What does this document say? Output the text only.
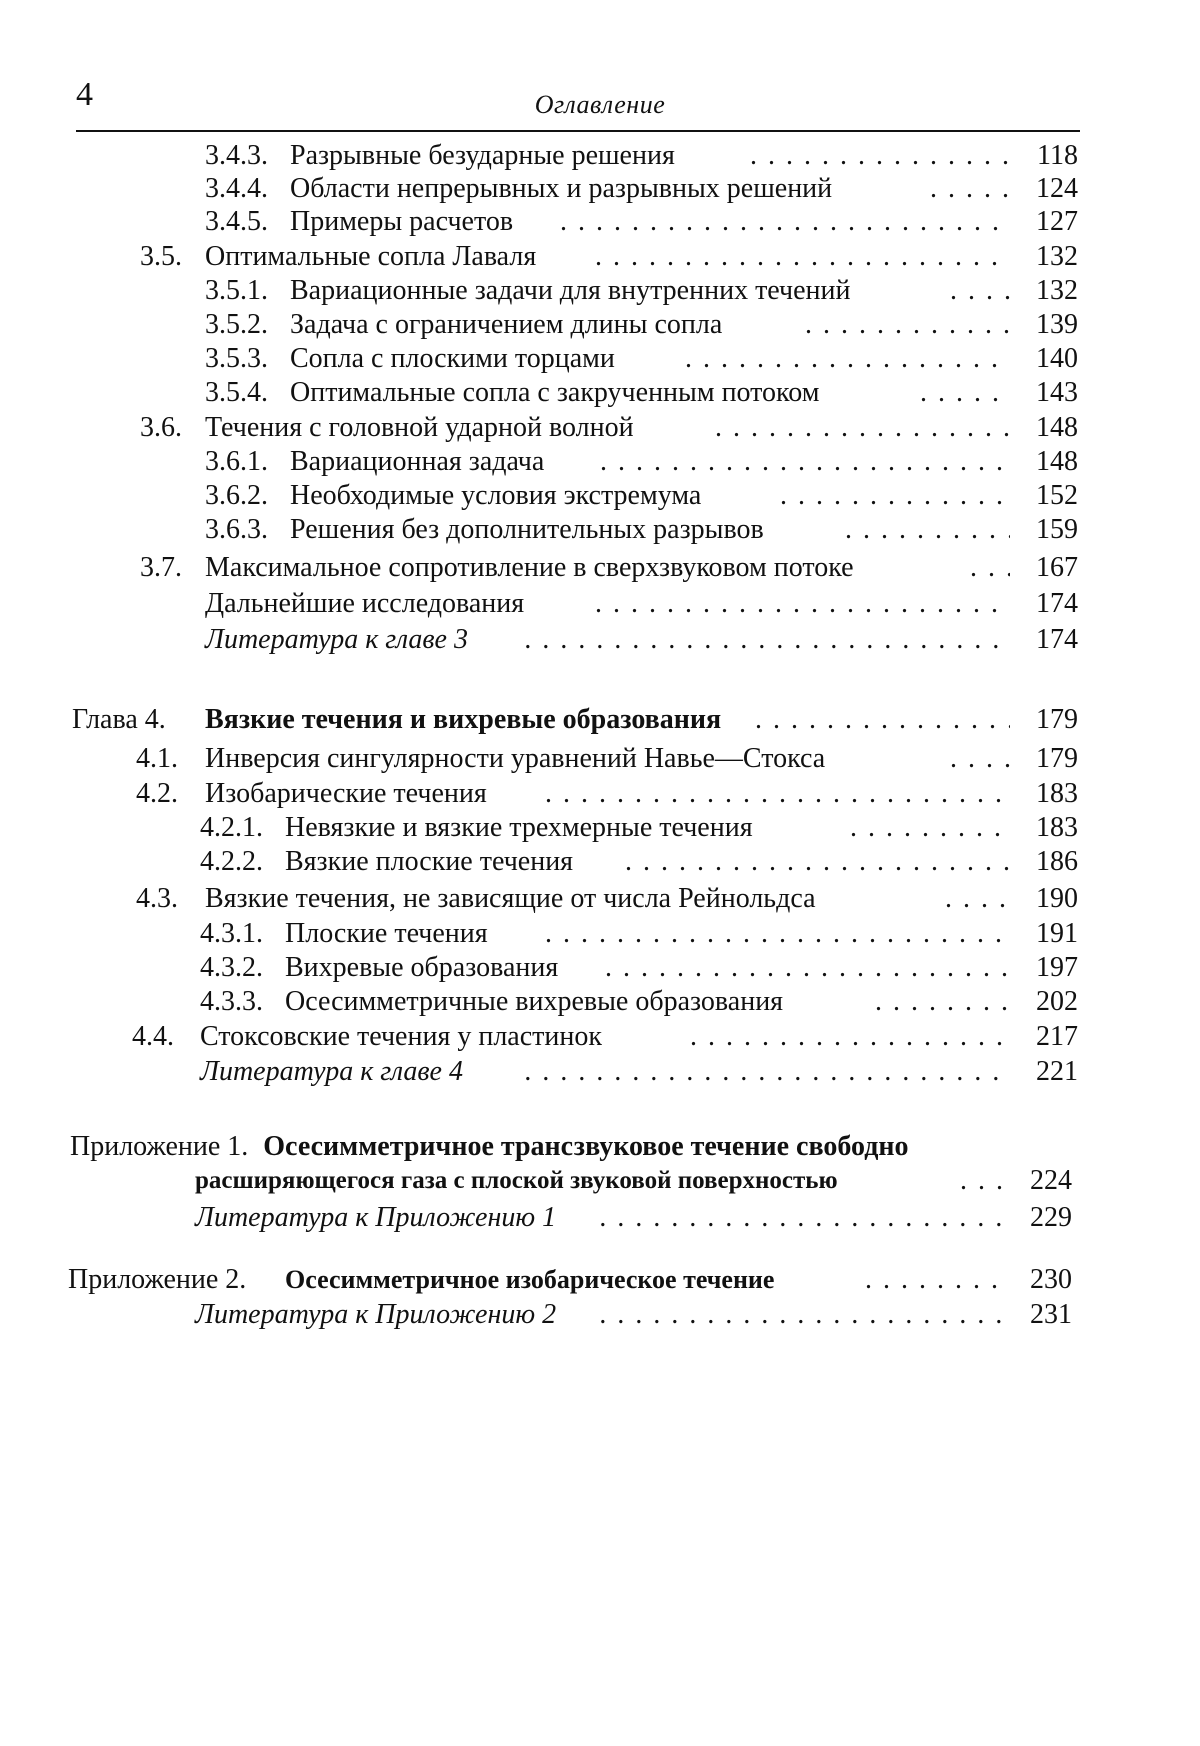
4	Оглавление
3.4.3. Разрывные безударные решения . . .	118
3.4.4. Области непрерывных и разрывных решений . . .	124
3.4.5. Примеры расчетов . . .	127
3.5. Оптимальные сопла Лаваля . . .	132
3.5.1. Вариационные задачи для внутренних течений . . .	132
3.5.2. Задача с ограничением длины сопла . . .	139
3.5.3. Сопла с плоскими торцами . . .	140
3.5.4. Оптимальные сопла с закрученным потоком . . .	143
3.6. Течения с головной ударной волной . . .	148
3.6.1. Вариационная задача . . .	148
3.6.2. Необходимые условия экстремума . . .	152
3.6.3. Решения без дополнительных разрывов . . .	159
3.7. Максимальное сопротивление в сверхзвуковом потоке . . .	167
Дальнейшие исследования . . .	174
Литература к главе 3 . . .	174
Глава 4. Вязкие течения и вихревые образования . . .	179
4.1. Инверсия сингулярности уравнений Навье—Стокса . . .	179
4.2. Изобарические течения . . .	183
4.2.1. Невязкие и вязкие трехмерные течения . . .	183
4.2.2. Вязкие плоские течения . . .	186
4.3. Вязкие течения, не зависящие от числа Рейнольдса . . .	190
4.3.1. Плоские течения . . .	191
4.3.2. Вихревые образования . . .	197
4.3.3. Осесимметричные вихревые образования . . .	202
4.4. Стоксовские течения у пластинок . . .	217
Литература к главе 4 . . .	221
Приложение 1. Осесимметричное трансзвуковое течение свободно
расширяющегося газа с плоской звуковой поверхностью . . .	224
Литература к Приложению 1 . . .	229
Приложение 2. Осесимметричное изобарическое течение . . .	230
Литература к Приложению 2 . . .	231
